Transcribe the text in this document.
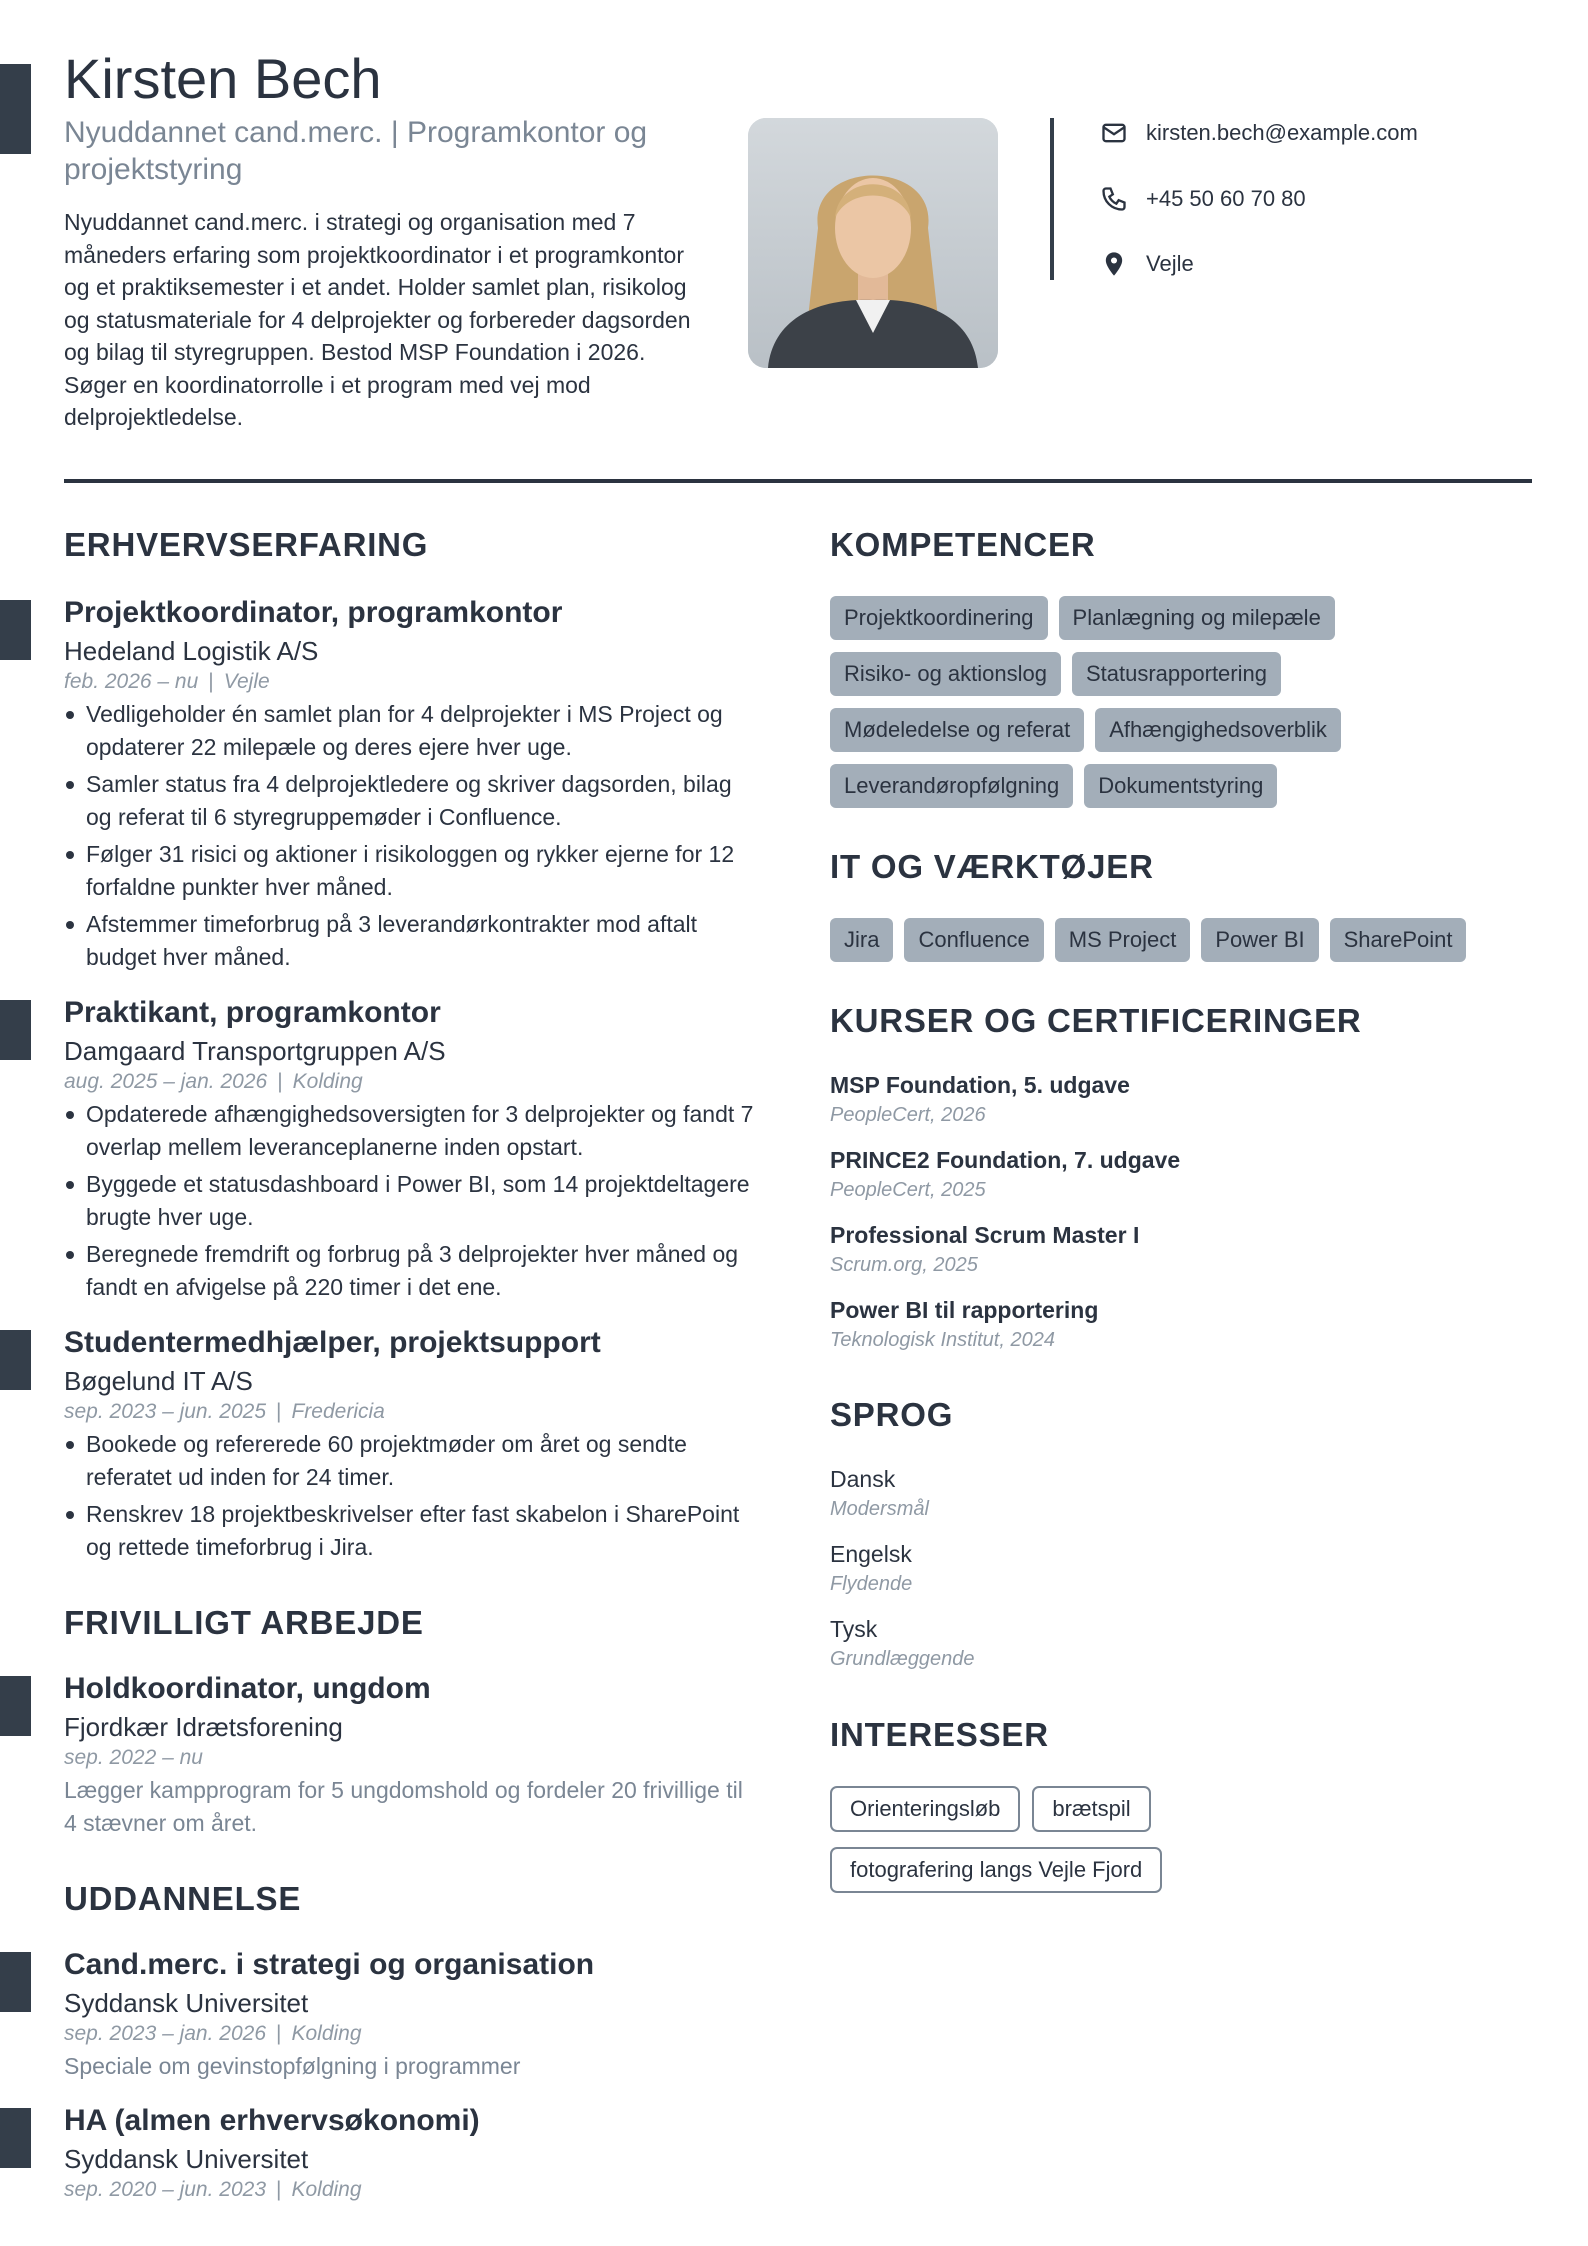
Kirsten Bech
Nyuddannet cand.merc. | Programkontor og projektstyring
Nyuddannet cand.merc. i strategi og organisation med 7 måneders erfaring som projektkoordinator i et programkontor og et praktiksemester i et andet. Holder samlet plan, risikolog og statusmateriale for 4 delprojekter og forbereder dagsorden og bilag til styregruppen. Bestod MSP Foundation i 2026. Søger en koordinatorrolle i et program med vej mod delprojektledelse.
kirsten.bech@example.com
+45 50 60 70 80
Vejle
ERHVERVSERFARING
Projektkoordinator, programkontor
Hedeland Logistik A/S
feb. 2026 – nu | Vejle
Vedligeholder én samlet plan for 4 delprojekter i MS Project og opdaterer 22 milepæle og deres ejere hver uge.
Samler status fra 4 delprojektledere og skriver dagsorden, bilag og referat til 6 styregruppemøder i Confluence.
Følger 31 risici og aktioner i risikologgen og rykker ejerne for 12 forfaldne punkter hver måned.
Afstemmer timeforbrug på 3 leverandørkontrakter mod aftalt budget hver måned.
Praktikant, programkontor
Damgaard Transportgruppen A/S
aug. 2025 – jan. 2026 | Kolding
Opdaterede afhængighedsoversigten for 3 delprojekter og fandt 7 overlap mellem leveranceplanerne inden opstart.
Byggede et statusdashboard i Power BI, som 14 projektdeltagere brugte hver uge.
Beregnede fremdrift og forbrug på 3 delprojekter hver måned og fandt en afvigelse på 220 timer i det ene.
Studentermedhjælper, projektsupport
Bøgelund IT A/S
sep. 2023 – jun. 2025 | Fredericia
Bookede og refererede 60 projektmøder om året og sendte referatet ud inden for 24 timer.
Renskrev 18 projektbeskrivelser efter fast skabelon i SharePoint og rettede timeforbrug i Jira.
FRIVILLIGT ARBEJDE
Holdkoordinator, ungdom
Fjordkær Idrætsforening
sep. 2022 – nu
Lægger kampprogram for 5 ungdomshold og fordeler 20 frivillige til 4 stævner om året.
UDDANNELSE
Cand.merc. i strategi og organisation
Syddansk Universitet
sep. 2023 – jan. 2026 | Kolding
Speciale om gevinstopfølgning i programmer
HA (almen erhvervsøkonomi)
Syddansk Universitet
sep. 2020 – jun. 2023 | Kolding
KOMPETENCER
Projektkoordinering	Planlægning og milepæle
Risiko- og aktionslog	Statusrapportering
Mødeledelse og referat	Afhængighedsoverblik
Leverandøropfølgning	Dokumentstyring
IT OG VÆRKTØJER
Jira	Confluence	MS Project	Power BI	SharePoint
KURSER OG CERTIFICERINGER
MSP Foundation, 5. udgave
PeopleCert, 2026
PRINCE2 Foundation, 7. udgave
PeopleCert, 2025
Professional Scrum Master I
Scrum.org, 2025
Power BI til rapportering
Teknologisk Institut, 2024
SPROG
Dansk
Modersmål
Engelsk
Flydende
Tysk
Grundlæggende
INTERESSER
Orienteringsløb	brætspil
fotografering langs Vejle Fjord
